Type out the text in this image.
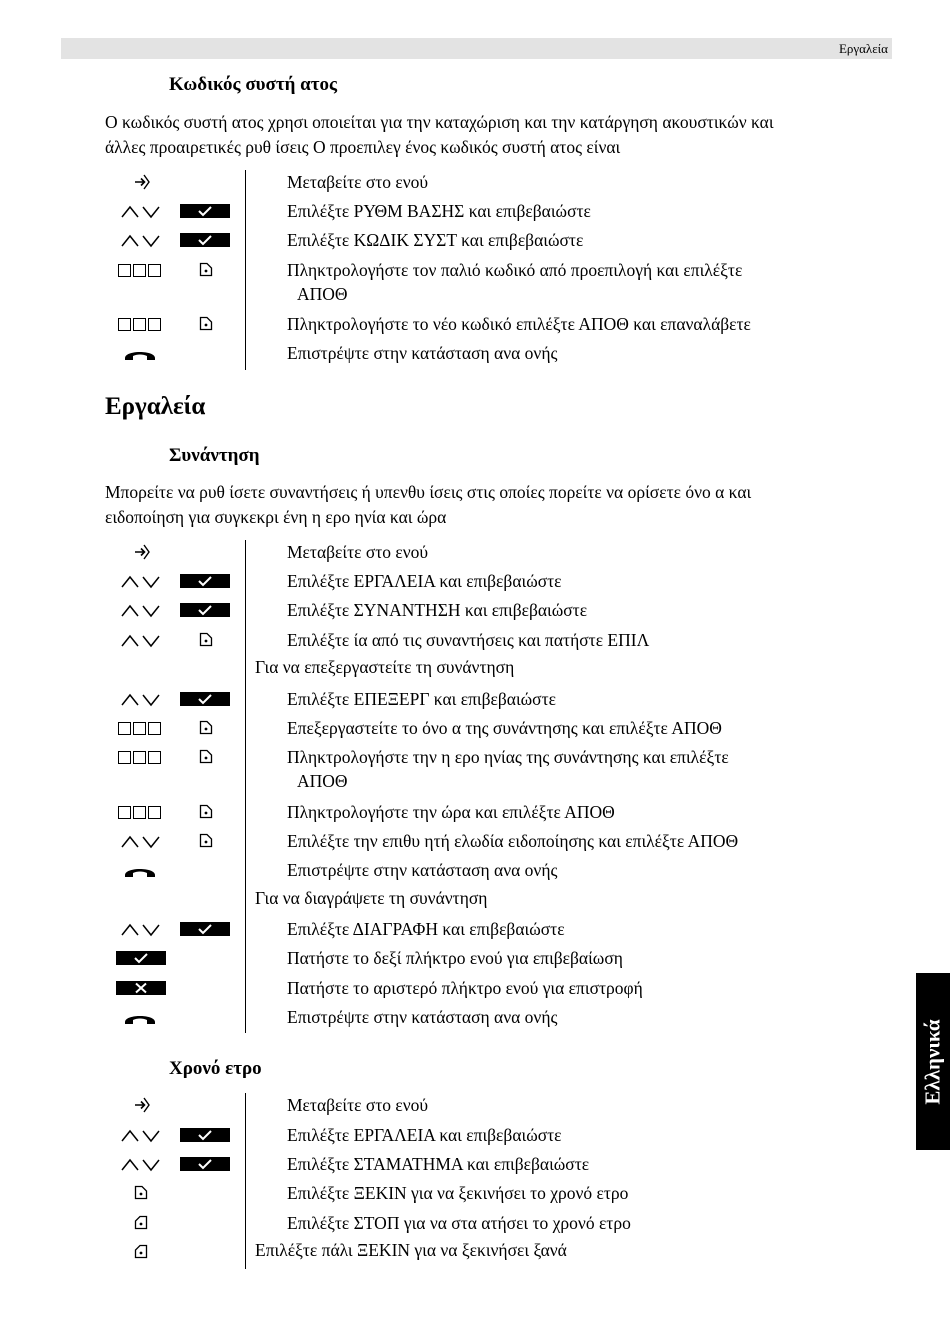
Εργαλεία
Ελληνικά
Κωδικός συστή ατος
Ο κωδικός συστή ατος χρησι οποιείται για την καταχώριση και την κατάργηση ακουστικών και
άλλες προαιρετικές ρυθ ίσεις Ο προεπιλεγ ένος κωδικός συστή ατος είναι
Μεταβείτε στο ενού
Επιλέξτε ΡΥΘΜ ΒΑΣΗΣ και επιβεβαιώστε
Επιλέξτε ΚΩΔΙΚ ΣΥΣΤ και επιβεβαιώστε
Πληκτρολογήστε τον παλιό κωδικό από προεπιλογή και επιλέξτε
ΑΠΟΘ
Πληκτρολογήστε το νέο κωδικό επιλέξτε ΑΠΟΘ και επαναλάβετε
Επιστρέψτε στην κατάσταση ανα ονής
Εργαλεία
Συνάντηση
Μπορείτε να ρυθ ίσετε συναντήσεις ή υπενθυ ίσεις στις οποίες πορείτε να ορίσετε όνο α και
ειδοποίηση για συγκεκρι ένη η ερο ηνία και ώρα
Μεταβείτε στο ενού
Επιλέξτε ΕΡΓΑΛΕΙΑ και επιβεβαιώστε
Επιλέξτε ΣΥΝΑΝΤΗΣΗ και επιβεβαιώστε
Επιλέξτε ία από τις συναντήσεις και πατήστε ΕΠΙΛ
Για να επεξεργαστείτε τη συνάντηση
Επιλέξτε ΕΠΕΞΕΡΓ και επιβεβαιώστε
Επεξεργαστείτε το όνο α της συνάντησης και επιλέξτε ΑΠΟΘ
Πληκτρολογήστε την η ερο ηνίας της συνάντησης και επιλέξτε
ΑΠΟΘ
Πληκτρολογήστε την ώρα και επιλέξτε ΑΠΟΘ
Επιλέξτε την επιθυ ητή ελωδία ειδοποίησης και επιλέξτε ΑΠΟΘ
Επιστρέψτε στην κατάσταση ανα ονής
Για να διαγράψετε τη συνάντηση
Επιλέξτε ΔΙΑΓΡΑΦΗ και επιβεβαιώστε
Πατήστε το δεξί πλήκτρο ενού για επιβεβαίωση
Πατήστε το αριστερό πλήκτρο ενού για επιστροφή
Επιστρέψτε στην κατάσταση ανα ονής
Χρονό ετρο
Μεταβείτε στο ενού
Επιλέξτε ΕΡΓΑΛΕΙΑ και επιβεβαιώστε
Επιλέξτε ΣΤΑΜΑΤΗΜΑ και επιβεβαιώστε
Επιλέξτε ΞΕΚΙΝ για να ξεκινήσει το χρονό ετρο
Επιλέξτε ΣΤΟΠ για να στα ατήσει το χρονό ετρο
Επιλέξτε πάλι ΞΕΚΙΝ για να ξεκινήσει ξανά
